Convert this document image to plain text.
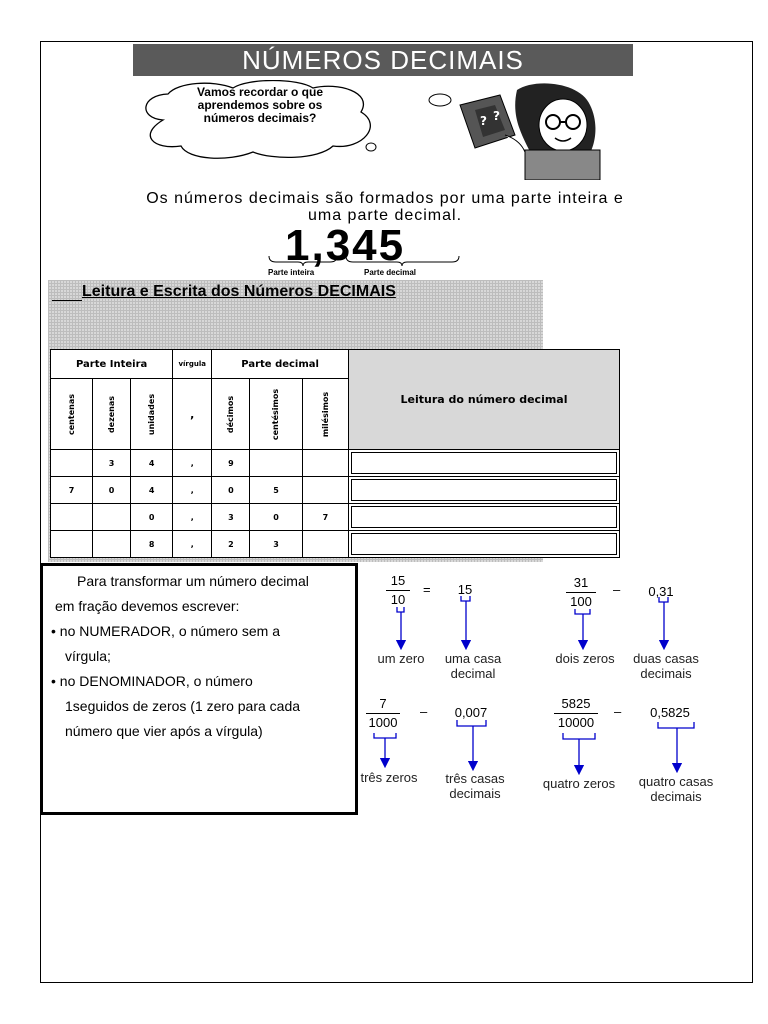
NÚMEROS DECIMAIS
Vamos recordar o que aprendemos sobre os números decimais?	? ?
Os números decimais são formados por uma parte inteira e uma parte decimal.
1,345
Parte inteira	Parte decimal
Leitura e Escrita dos Números DECIMAIS
Parte Inteira			vírgula	Parte decimal			Leitura do número decimal
centenas	dezenas	unidades	,	décimos	centésimos	milésimos	
	3	4	,	9			

7	0	4	,	0	5		

		0	,	3	0	7	

		8	,	2	3		

Para transformar um número decimal

em fração devemos escrever:

• no NUMERADOR, o número sem a

vírgula;

• no DENOMINADOR, o número

1seguidos de zeros (1 zero para cada

número que vier após a vírgula)

15
10
=	15
um zero	uma casa decimal
31
100
–	0,31
dois zeros	duas casas decimais
7
1000
–	0,007
três zeros	três casas decimais
5825
10000
–	0,5825
quatro zeros	quatro casas decimais
